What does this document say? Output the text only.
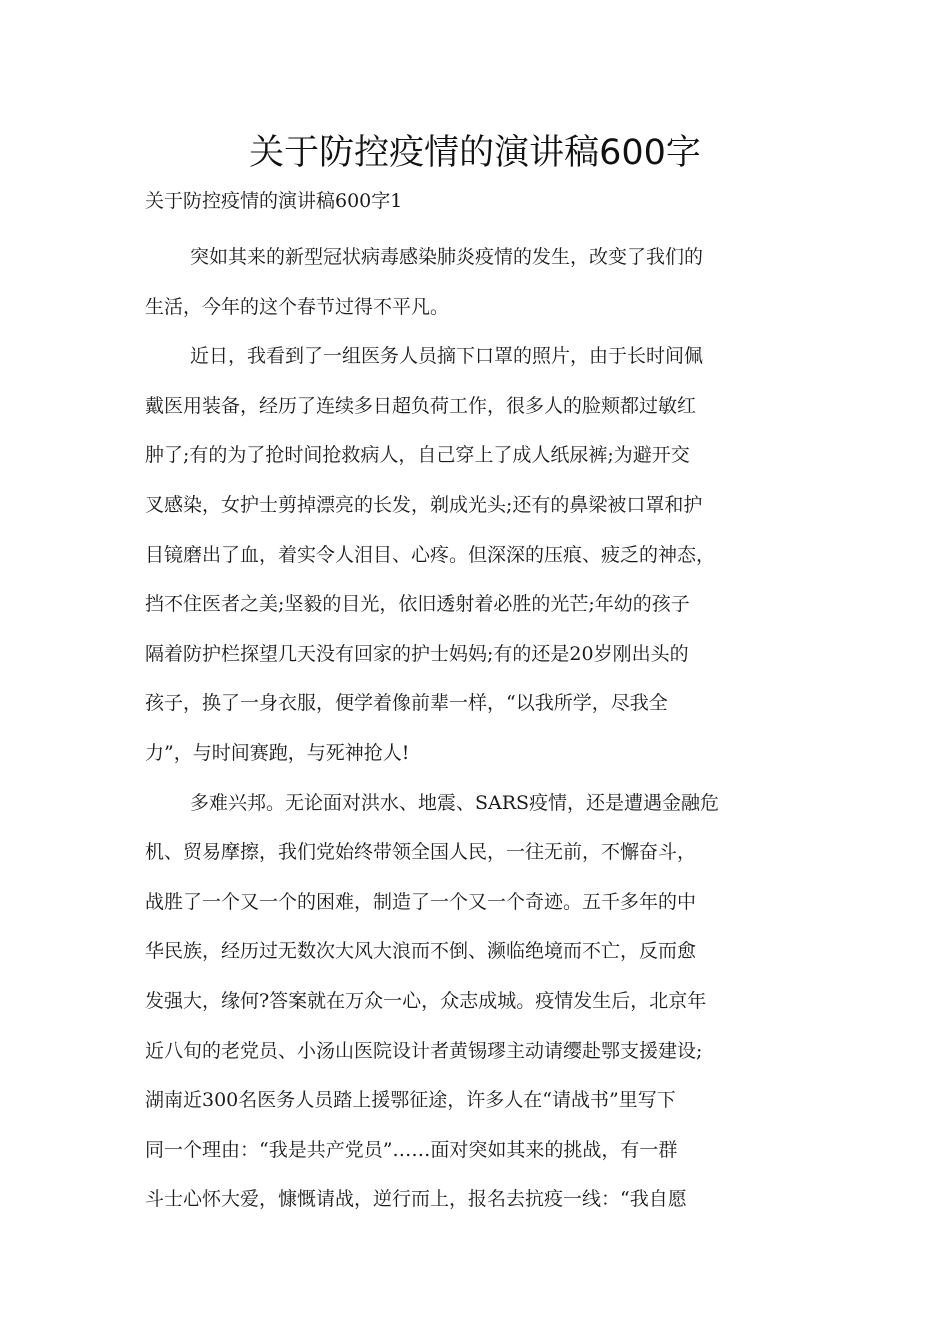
关于防控疫情的演讲稿600字
关于防控疫情的演讲稿600字1
突如其来的新型冠状病毒感染肺炎疫情的发生，改变了我们的
生活，今年的这个春节过得不平凡。
近日，我看到了一组医务人员摘下口罩的照片，由于长时间佩
戴医用装备，经历了连续多日超负荷工作，很多人的脸颊都过敏红
肿了;有的为了抢时间抢救病人，自己穿上了成人纸尿裤;为避开交
叉感染，女护士剪掉漂亮的长发，剃成光头;还有的鼻梁被口罩和护
目镜磨出了血，着实令人泪目、心疼。但深深的压痕、疲乏的神态，
挡不住医者之美;坚毅的目光，依旧透射着必胜的光芒;年幼的孩子
隔着防护栏探望几天没有回家的护士妈妈;有的还是20岁刚出头的
孩子，换了一身衣服，便学着像前辈一样，“以我所学，尽我全
力”，与时间赛跑，与死神抢人!
多难兴邦。无论面对洪水、地震、SARS疫情，还是遭遇金融危
机、贸易摩擦，我们党始终带领全国人民，一往无前，不懈奋斗，
战胜了一个又一个的困难，制造了一个又一个奇迹。五千多年的中
华民族，经历过无数次大风大浪而不倒、濒临绝境而不亡，反而愈
发强大，缘何?答案就在万众一心，众志成城。疫情发生后，北京年
近八旬的老党员、小汤山医院设计者黄锡璆主动请缨赴鄂支援建设;
湖南近300名医务人员踏上援鄂征途，许多人在“请战书”里写下
同一个理由：“我是共产党员”……面对突如其来的挑战，有一群
斗士心怀大爱，慷慨请战，逆行而上，报名去抗疫一线：“我自愿
